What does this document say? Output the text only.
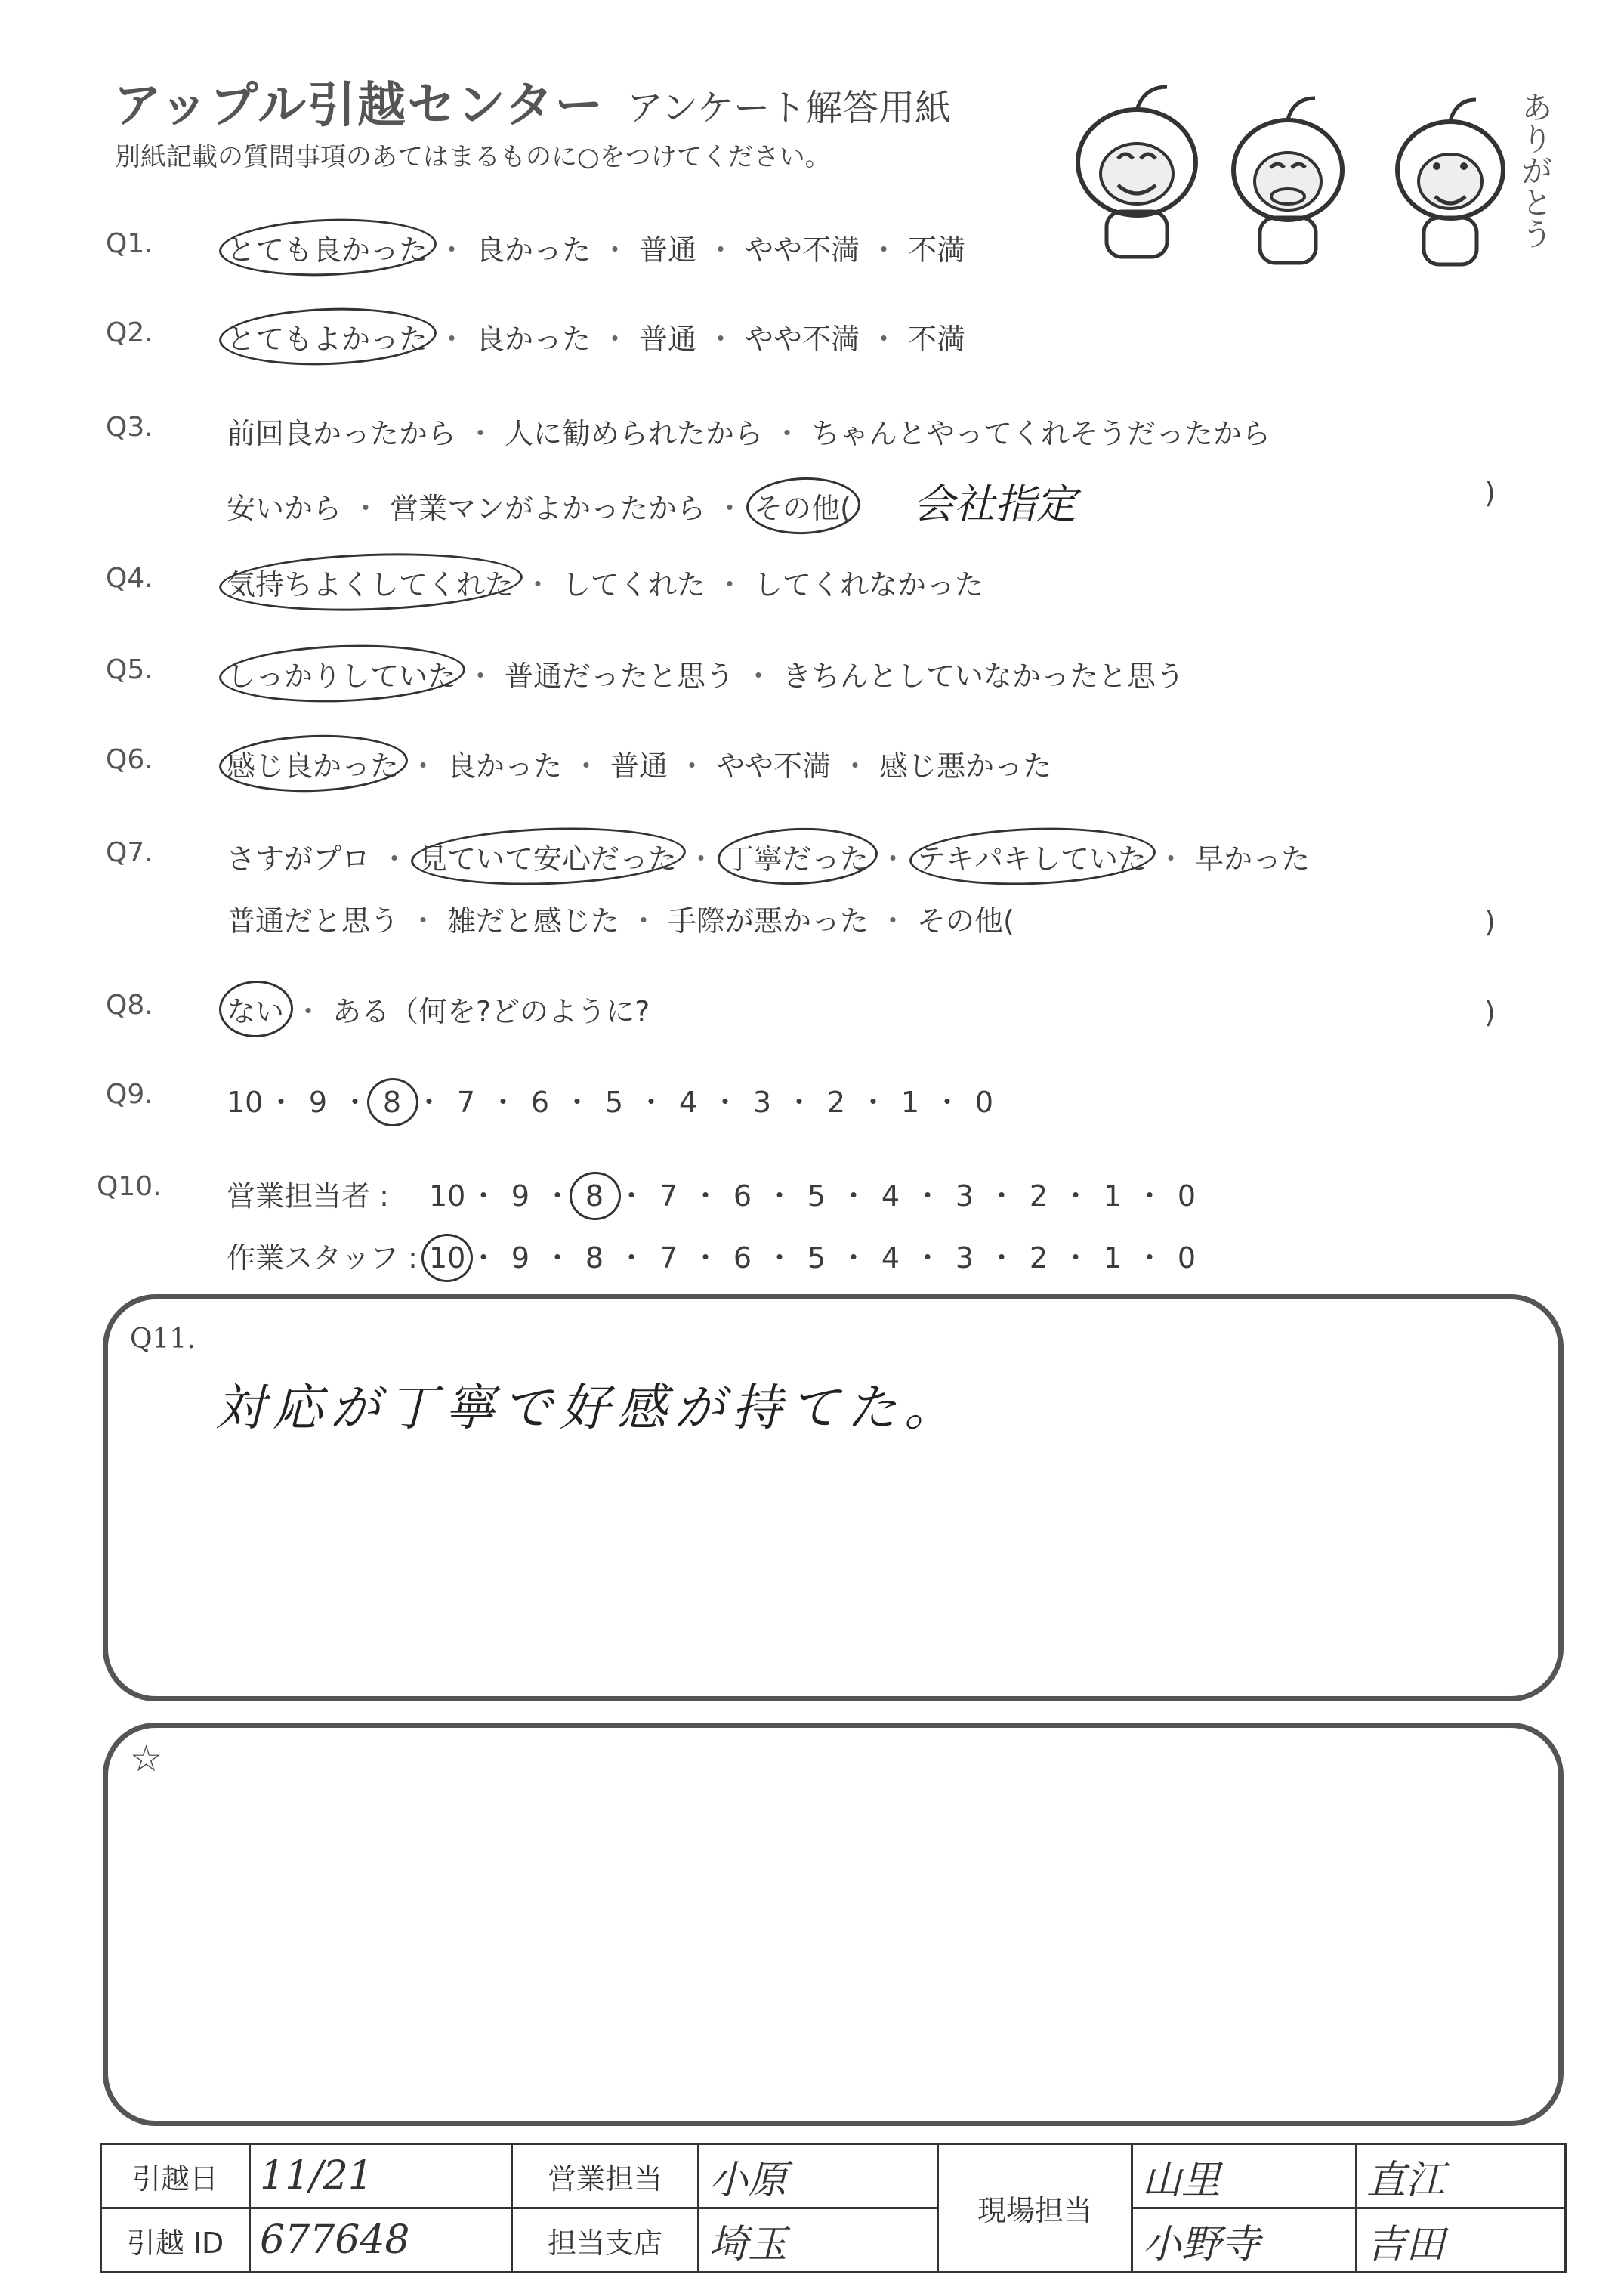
アップル引越センター アンケート解答用紙
別紙記載の質問事項のあてはまるものに○をつけてください。	ありがとう
Q1.	とても良かった ・ 良かった ・ 普通 ・ やや不満 ・ 不満
Q2.	とてもよかった ・ 良かった ・ 普通 ・ やや不満 ・ 不満
Q3.	前回良かったから ・ 人に勧められたから ・ ちゃんとやってくれそうだったから
安いから ・ 営業マンがよかったから ・ その他( 会社指定	)
Q4.	気持ちよくしてくれた ・ してくれた ・ してくれなかった
Q5.	しっかりしていた ・ 普通だったと思う ・ きちんとしていなかったと思う
Q6.	感じ良かった ・ 良かった ・ 普通 ・ やや不満 ・ 感じ悪かった
Q7.	さすがプロ ・ 見ていて安心だった ・ 丁寧だった ・ テキパキしていた ・ 早かった
普通だと思う ・ 雑だと感じた ・ 手際が悪かった ・ その他(	)
Q8.	ない ・ ある（何を?どのように?	)
Q9.	10 ・ 9 ・ 8 ・ 7 ・ 6 ・ 5 ・ 4 ・ 3 ・ 2 ・ 1 ・ 0
Q10. 営業担当者 : 10 ・ 9 ・ 8 ・ 7 ・ 6 ・ 5 ・ 4 ・ 3 ・ 2 ・ 1 ・ 0
作業スタッフ : 10 ・ 9 ・ 8 ・ 7 ・ 6 ・ 5 ・ 4 ・ 3 ・ 2 ・ 1 ・ 0
Q11.
対応が丁寧で好感が持てた。
☆
引越日	11/21	営業担当	小原	現場担当	山里	直江
引越 ID	677648	担当支店	埼玉		小野寺	吉田
